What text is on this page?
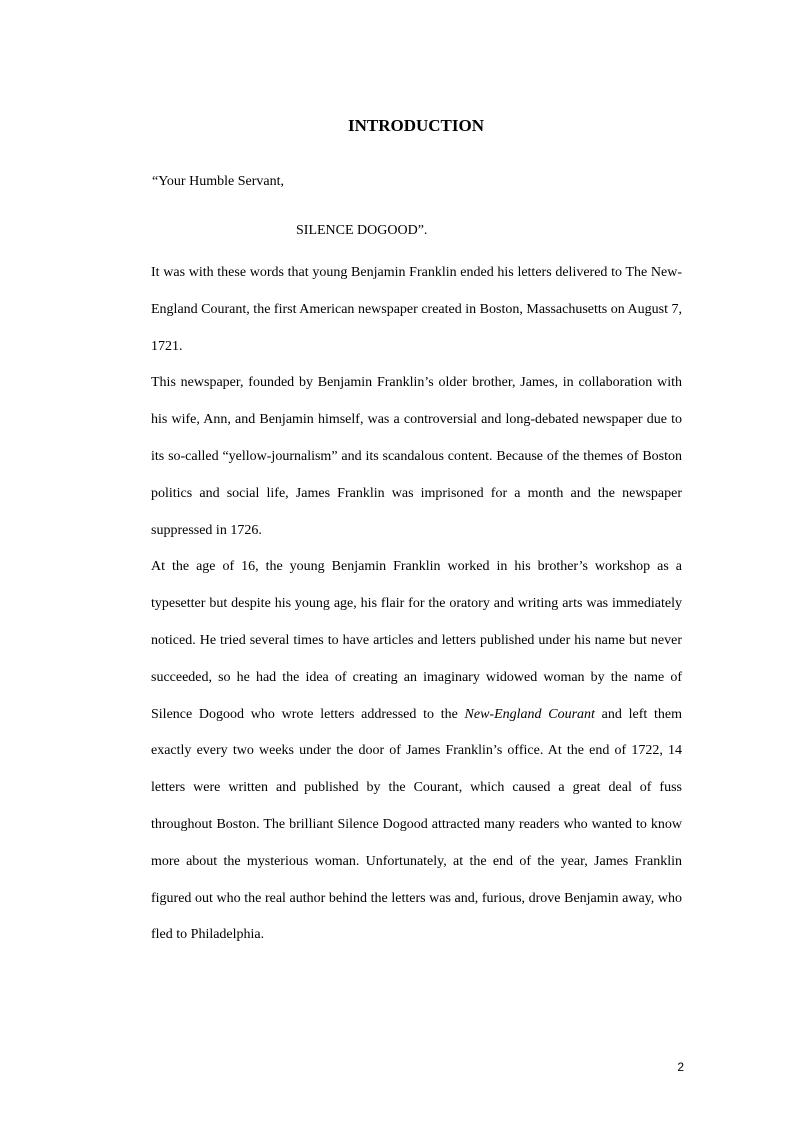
INTRODUCTION

“Your Humble Servant,

SILENCE DOGOOD”.

It was with these words that young Benjamin Franklin ended his letters delivered to The New-England Courant, the first American newspaper created in Boston, Massachusetts on August 7, 1721.

This newspaper, founded by Benjamin Franklin’s older brother, James, in collaboration with his wife, Ann, and Benjamin himself, was a controversial and long-debated newspaper due to its so-called “yellow-journalism” and its scandalous content. Because of the themes of Boston politics and social life, James Franklin was imprisoned for a month and the newspaper suppressed in 1726.

At the age of 16, the young Benjamin Franklin worked in his brother’s workshop as a typesetter but despite his young age, his flair for the oratory and writing arts was immediately noticed. He tried several times to have articles and letters published under his name but never succeeded, so he had the idea of creating an imaginary widowed woman by the name of Silence Dogood who wrote letters addressed to the New-England Courant and left them exactly every two weeks under the door of James Franklin’s office. At the end of 1722, 14 letters were written and published by the Courant, which caused a great deal of fuss throughout Boston. The brilliant Silence Dogood attracted many readers who wanted to know more about the mysterious woman. Unfortunately, at the end of the year, James Franklin figured out who the real author behind the letters was and, furious, drove Benjamin away, who fled to Philadelphia.

2
